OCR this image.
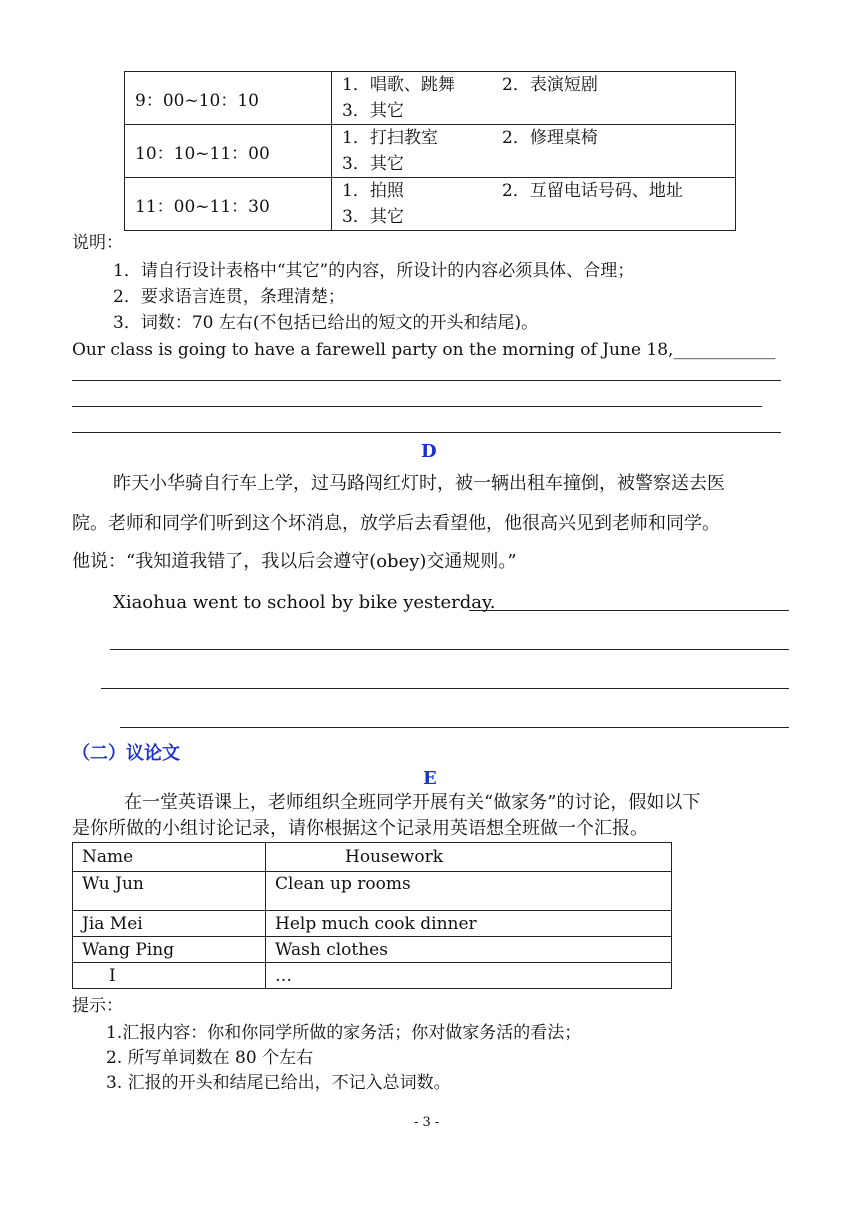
9：00~10：10	1．唱歌、跳舞 2．表演短剧
3．其它

10：10~11：00	1．打扫教室 2．修理桌椅
3．其它

11：00~11：30	1．拍照 2．互留电话号码、地址
3．其它
说明：
1．请自行设计表格中“其它”的内容，所设计的内容必须具体、合理；
2．要求语言连贯，条理清楚；
3．词数：70 左右(不包括已给出的短文的开头和结尾)。
Our class is going to have a farewell party on the morning of June 18,____________
D
昨天小华骑自行车上学，过马路闯红灯时，被一辆出租车撞倒，被警察送去医
院。老师和同学们听到这个坏消息，放学后去看望他，他很高兴见到老师和同学。
他说：“我知道我错了，我以后会遵守(obey)交通规则。”
Xiaohua went to school by bike yesterday.
（二）议论文
E
在一堂英语课上，老师组织全班同学开展有关“做家务”的讨论，假如以下
是你所做的小组讨论记录，请你根据这个记录用英语想全班做一个汇报。
Name	Housework
Wu Jun	Clean up rooms
Jia Mei	Help much cook dinner
Wang Ping	Wash clothes
I	…
提示：
1.汇报内容：你和你同学所做的家务活；你对做家务活的看法；
2. 所写单词数在 80 个左右
3. 汇报的开头和结尾已给出，不记入总词数。
- 3 -
